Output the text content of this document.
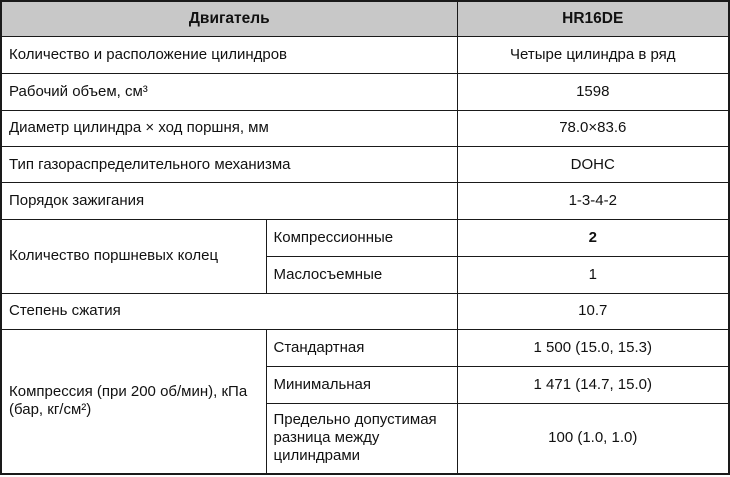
Двигатель		HR16DE
Количество и расположение цилиндров		Четыре цилиндра в ряд
Рабочий объем, см³		1598
Диаметр цилиндра × ход поршня, мм		78.0×83.6
Тип газораспределительного механизма		DOHC
Порядок зажигания		1-3-4-2
Количество поршневых колец	Компрессионные	2
	Маслосъемные	1
Степень сжатия		10.7
Компрессия (при 200 об/мин), кПа (бар, кг/см²)	Стандартная	1 500 (15.0, 15.3)
	Минимальная	1 471 (14.7, 15.0)
	Предельно допустимая разница между цилиндрами	100 (1.0, 1.0)
